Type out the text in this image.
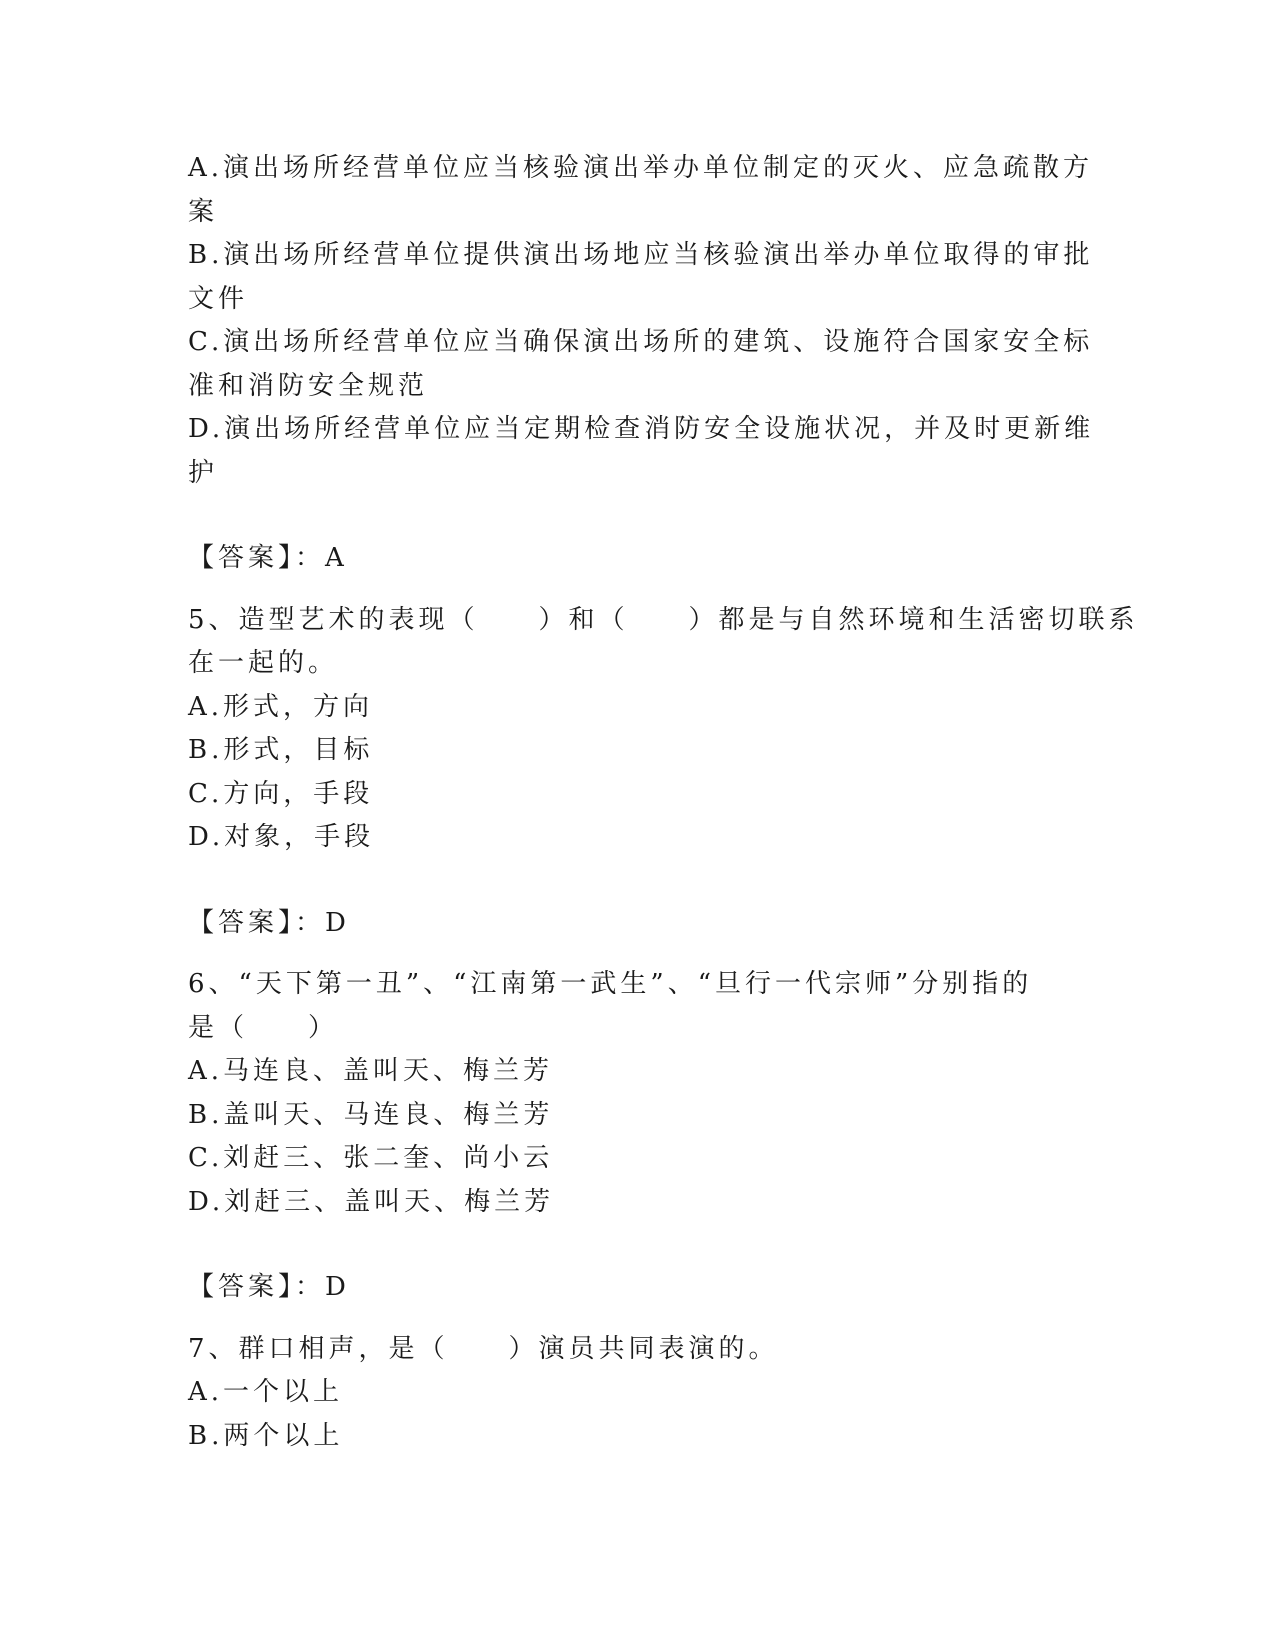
A.演出场所经营单位应当核验演出举办单位制定的灭火、应急疏散方
案
B.演出场所经营单位提供演出场地应当核验演出举办单位取得的审批
文件
C.演出场所经营单位应当确保演出场所的建筑、设施符合国家安全标
准和消防安全规范
D.演出场所经营单位应当定期检查消防安全设施状况，并及时更新维
护
【答案】：A
5、造型艺术的表现（　　）和（　　）都是与自然环境和生活密切联系
在一起的。
A.形式，方向
B.形式，目标
C.方向，手段
D.对象，手段
【答案】：D
6、“天下第一丑”、“江南第一武生”、“旦行一代宗师”分别指的
是（　　）
A.马连良、盖叫天、梅兰芳
B.盖叫天、马连良、梅兰芳
C.刘赶三、张二奎、尚小云
D.刘赶三、盖叫天、梅兰芳
【答案】：D
7、群口相声，是（　　）演员共同表演的。
A.一个以上
B.两个以上
